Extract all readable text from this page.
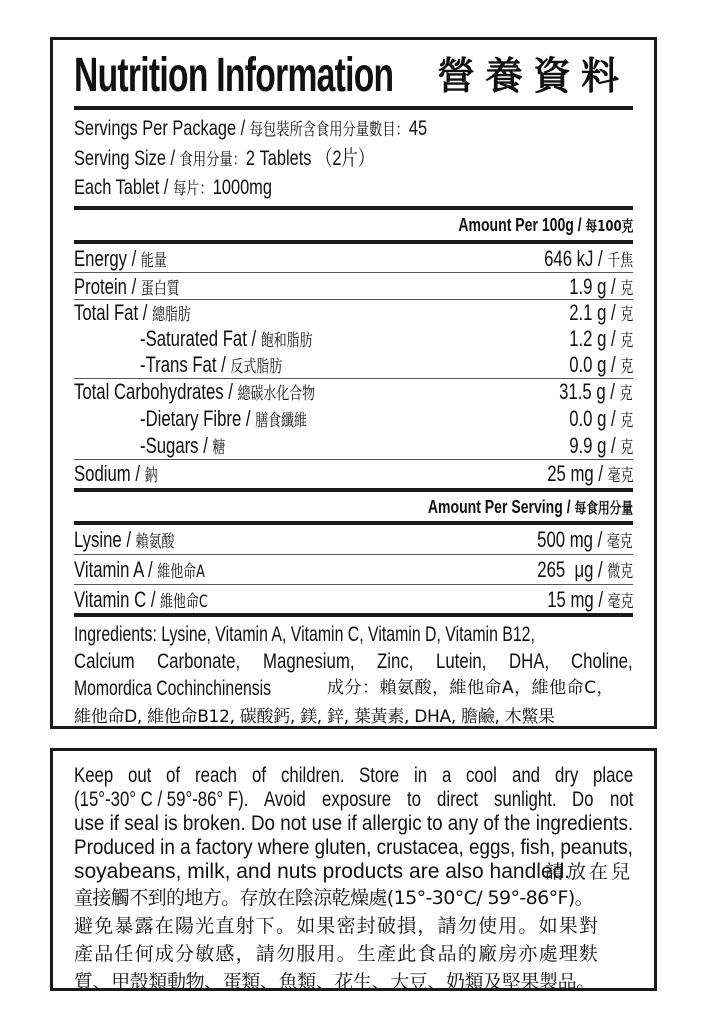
Nutrition Information 營養資料
Servings Per Package / 每包裝所含食用分量數目：45
Serving Size / 食用分量：2 Tablets （2片）
Each Tablet / 每片：1000mg
Amount Per 100g / 每100克
Energy / 能量	646 kJ / 千焦
Protein / 蛋白質	1.9 g / 克
Total Fat / 總脂肪	2.1 g / 克
-Saturated Fat / 飽和脂肪	1.2 g / 克
-Trans Fat / 反式脂肪	0.0 g / 克
Total Carbohydrates / 總碳水化合物	31.5 g / 克
-Dietary Fibre / 膳食纖維	0.0 g / 克
-Sugars / 糖	9.9 g / 克
Sodium / 鈉	25 mg / 毫克
Amount Per Serving / 每食用分量
Lysine / 賴氨酸	500 mg / 毫克
Vitamin A / 維他命A	265  μg / 微克
Vitamin C / 維他命C	15 mg / 毫克
Ingredients: Lysine, Vitamin A, Vitamin C, Vitamin D, Vitamin B12,
Calcium Carbonate, Magnesium, Zinc, Lutein, DHA, Choline,
Momordica Cochinchinensis	成分：賴氨酸，維他命A，維他命C，
維他命D, 維他命B12, 碳酸鈣, 鎂, 鋅, 葉黃素, DHA, 膽鹼, 木鱉果
Keep out of reach of children. Store in a cool and dry place
(15°-30° C / 59°-86° F). Avoid exposure to direct sunlight. Do not
use if seal is broken. Do not use if allergic to any of the ingredients.
Produced in a factory where gluten, crustacea, eggs, fish, peanuts,
soyabeans, milk, and nuts products are also handled.
請放在兒
童接觸不到的地方。存放在陰涼乾燥處(15°-30°C/ 59°-86°F)。
避免暴露在陽光直射下。如果密封破損，請勿使用。如果對
產品任何成分敏感，請勿服用。生產此食品的廠房亦處理麩
質、甲殼類動物、蛋類、魚類、花生、大豆、奶類及堅果製品。
